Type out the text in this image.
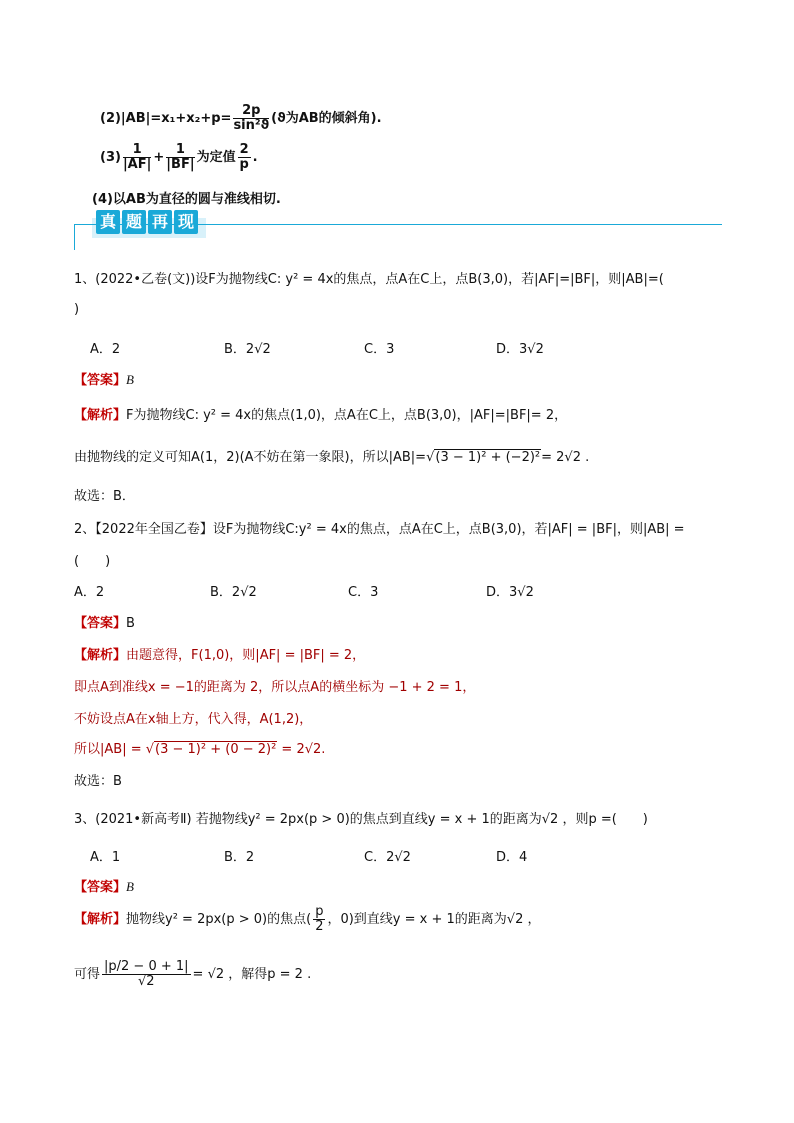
$(2)|AB|=x_1+x_2+p= \frac{2p}{\text{sin²ϑ}} (ϑ$为AB的倾斜角).
$(3) \frac{1}{|AF|} + \frac{1}{|BF|}$ 为定值 $\frac{2}{p}$ .
(4)以AB为直径的圆与准线相切.
真 题 再 现
1、(2022•乙卷(文))设F为抛物线C: y² = 4x的焦点，点A在C上，点B(3,0)，若|AF|=|BF|，则|AB|=(
)
A．2	B．2√2	C．3	D．3√2
【答案】B
【解析】F为抛物线C: y² = 4x的焦点(1,0)，点A在C上，点B(3,0)，|AF|=|BF|= 2，
由抛物线的定义可知A(1，2)(A不妨在第一象限)，所以|AB|=√(3 − 1)² + (−2)²= 2√2 .
故选：B．
2、【2022年全国乙卷】设F为抛物线C:y² = 4x的焦点，点A在C上，点B(3,0)，若|AF| = |BF|，则|AB| =
(　　)
A．2	B．2√2	C．3	D．3√2
【答案】B
【解析】由题意得，F(1,0)，则|AF| = |BF| = 2，
即点A到准线x = −1的距离为 2，所以点A的横坐标为 −1 + 2 = 1，
不妨设点A在x轴上方，代入得，A(1,2)，
所以|AB| = √(3 − 1)² + (0 − 2)² = 2√2.
故选：B
3、(2021•新高考Ⅱ) 若抛物线y² = 2px(p > 0)的焦点到直线y = x + 1的距离为√2 ，则p =(　　)
A．1	B．2	C．2√2	D．4
【答案】B
【解析】抛物线y² = 2px(p > 0)的焦点( $\frac{p}{2}$ ，0)到直线y = x + 1的距离为√2 ，
可得 $\frac{|p/2 - 0 + 1|}{√2} = √2$ ，解得p = 2 .
